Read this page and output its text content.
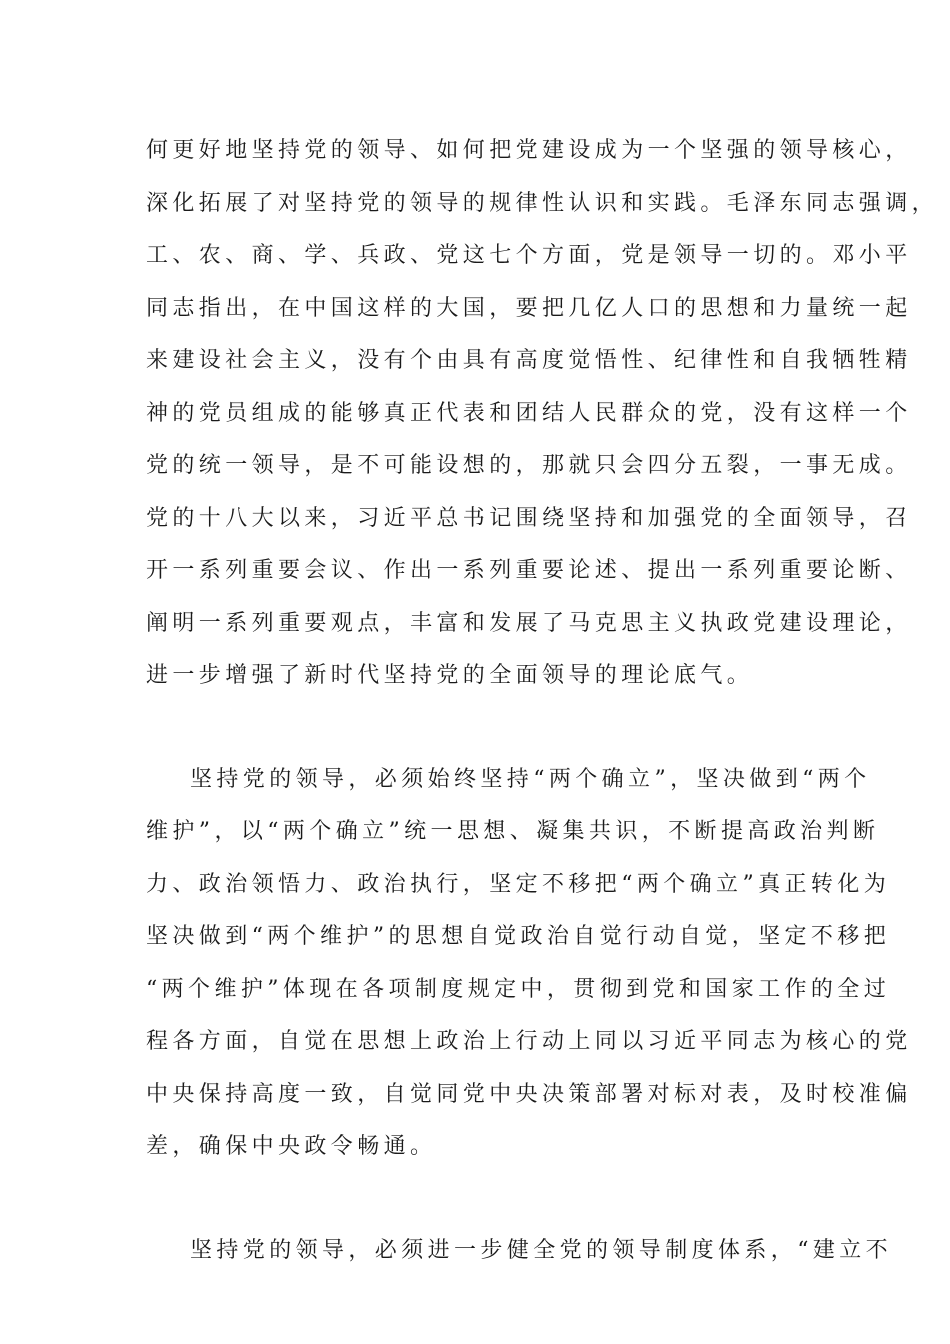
何更好地坚持党的领导、如何把党建设成为一个坚强的领导核心，
深化拓展了对坚持党的领导的规律性认识和实践。毛泽东同志强调，
工、农、商、学、兵政、党这七个方面，党是领导一切的。邓小平
同志指出，在中国这样的大国，要把几亿人口的思想和力量统一起
来建设社会主义，没有个由具有高度觉悟性、纪律性和自我牺牲精
神的党员组成的能够真正代表和团结人民群众的党，没有这样一个
党的统一领导，是不可能设想的，那就只会四分五裂，一事无成。
党的十八大以来，习近平总书记围绕坚持和加强党的全面领导，召
开一系列重要会议、作出一系列重要论述、提出一系列重要论断、
阐明一系列重要观点，丰富和发展了马克思主义执政党建设理论，
进一步增强了新时代坚持党的全面领导的理论底气。
坚持党的领导，必须始终坚持“两个确立”，坚决做到“两个
维护”，以“两个确立”统一思想、凝集共识，不断提高政治判断
力、政治领悟力、政治执行，坚定不移把“两个确立”真正转化为
坚决做到“两个维护”的思想自觉政治自觉行动自觉，坚定不移把
“两个维护”体现在各项制度规定中，贯彻到党和国家工作的全过
程各方面，自觉在思想上政治上行动上同以习近平同志为核心的党
中央保持高度一致，自觉同党中央决策部署对标对表，及时校准偏
差，确保中央政令畅通。
坚持党的领导，必须进一步健全党的领导制度体系，“建立不
